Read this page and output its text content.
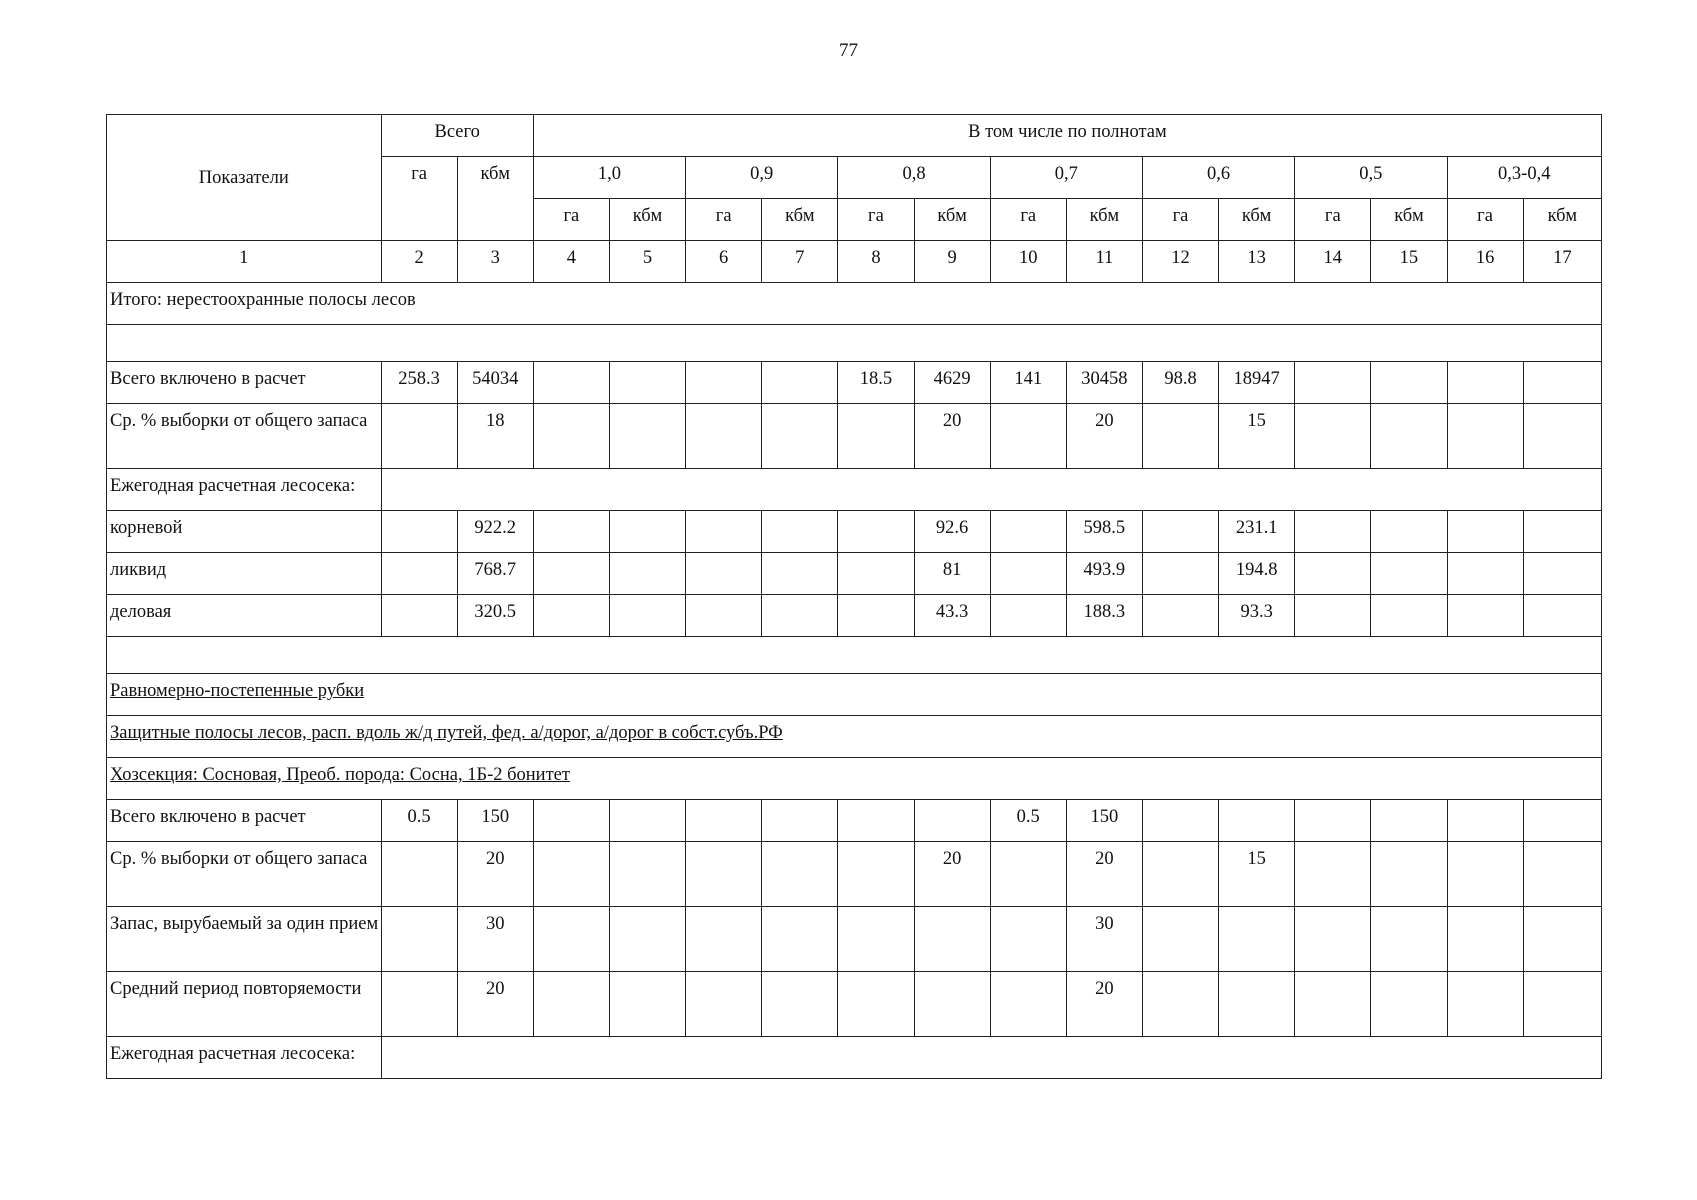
77
Показатели	Всего		В том числе по полнотам													
	га	кбм	1,0		0,9		0,8		0,7		0,6		0,5		0,3-0,4	
			га	кбм	га	кбм	га	кбм	га	кбм	га	кбм	га	кбм	га	кбм
1	2	3	4	5	6	7	8	9	10	11	12	13	14	15	16	17
Итого: нерестоохранные полосы лесов																

Всего включено в расчет	258.3	54034					18.5	4629	141	30458	98.8	18947				
Ср. % выборки от общего запаса		18						20		20		15				
Ежегодная расчетная лесосека:																
корневой		922.2						92.6		598.5		231.1				
ликвид		768.7						81		493.9		194.8				
деловая		320.5						43.3		188.3		93.3				

Равномерно-постепенные рубки																
Защитные полосы лесов, расп. вдоль ж/д путей, фед. а/дорог, а/дорог в собст.субъ.РФ																
Хозсекция: Сосновая, Преоб. порода: Сосна, 1Б-2 бонитет																
Всего включено в расчет	0.5	150							0.5	150						
Ср. % выборки от общего запаса		20						20		20		15				
Запас, вырубаемый за один прием		30								30						
Средний период повторяемости		20								20						
Ежегодная расчетная лесосека:																
